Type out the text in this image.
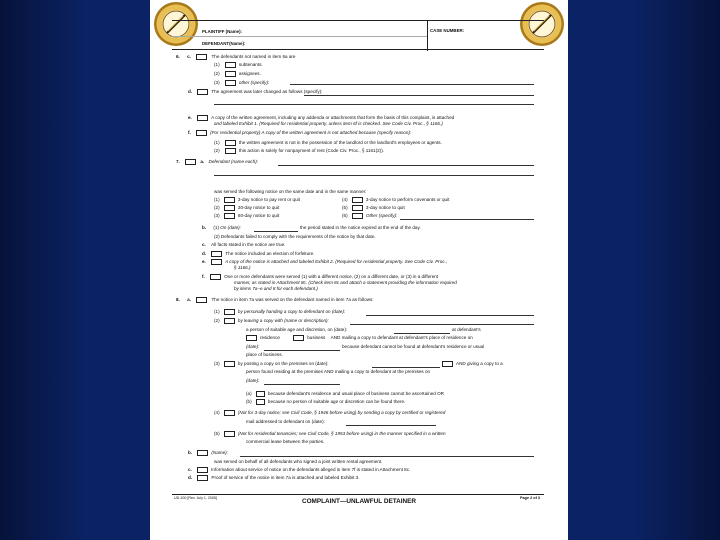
PLAINTIFF (Name):
DEFENDANT(Name):
CASE NUMBER:
6. c.	The defendants not named in item 6a are
(1)	subtenants.
(2)	assignees.
(3)	other (specify):
d.	The agreement was later changed as follows (specify):
e.	A copy of the written agreement, including any addenda or attachments that form the basis of this complaint, is attached
and labeled Exhibit 1. (Required for residential property, unless item 6f is checked. See Code Civ. Proc., § 1166.)
f.	(For residential property) A copy of the written agreement is not attached because (specify reason):
(1)	the written agreement is not in the possession of the landlord or the landlord's employees or agents.
(2)	this action is solely for nonpayment of rent (Code Civ. Proc., § 1161(2)).
7.	a. Defendant (name each):
was served the following notice on the same date and in the same manner:
(1)	3-day notice to pay rent or quit
(2)	30-day notice to quit
(3)	60-day notice to quit
(4)	3-day notice to perform covenants or quit
(5)	3-day notice to quit
(6)	Other (specify):
b. (1) On (date):	the period stated in the notice expired at the end of the day.
(2) Defendants failed to comply with the requirements of the notice by that date.
c. All facts stated in the notice are true.
d.	The notice included an election of forfeiture.
e.	A copy of the notice is attached and labeled Exhibit 2. (Required for residential property. See Code Civ. Proc.,
§ 1166.)
f.	One or more defendants were served (1) with a different notice, (2) on a different date, or (3) in a different
manner, as stated in Attachment 8c. (Check item 8c and attach a statement providing the information required
by items 7a–e and 8 for each defendant.)
8. a.	The notice in item 7a was served on the defendant named in item 7a as follows:
(1)	by personally handing a copy to defendant on (date):
(2)	by leaving a copy with (name or description):
a person of suitable age and discretion, on (date):	at defendant's
residence	business AND mailing a copy to defendant at defendant's place of residence on
(date):	because defendant cannot be found at defendant's residence or usual
place of business.
(3)	by posting a copy on the premises on (date):	AND giving a copy to a
person found residing at the premises AND mailing a copy to defendant at the premises on
(date):
(a)	because defendant's residence and usual place of business cannot be ascertained OR
(b)	because no person of suitable age or discretion can be found there.
(4)	(Not for 3-day notice; see Civil Code, § 1946 before using) by sending a copy by certified or registered
mail addressed to defendant on (date):
(5)	(Not for residential tenancies; see Civil Code, § 1953 before using) in the manner specified in a written
commercial lease between the parties.
b.	(Name):
was served on behalf of all defendants who signed a joint written rental agreement.
c.	Information about service of notice on the defendants alleged in item 7f is stated in Attachment 8c.
d.	Proof of service of the notice in item 7a is attached and labeled Exhibit 3.
UD-100 [Rev. July 1, 2005]	COMPLAINT—UNLAWFUL DETAINER	Page 2 of 3
